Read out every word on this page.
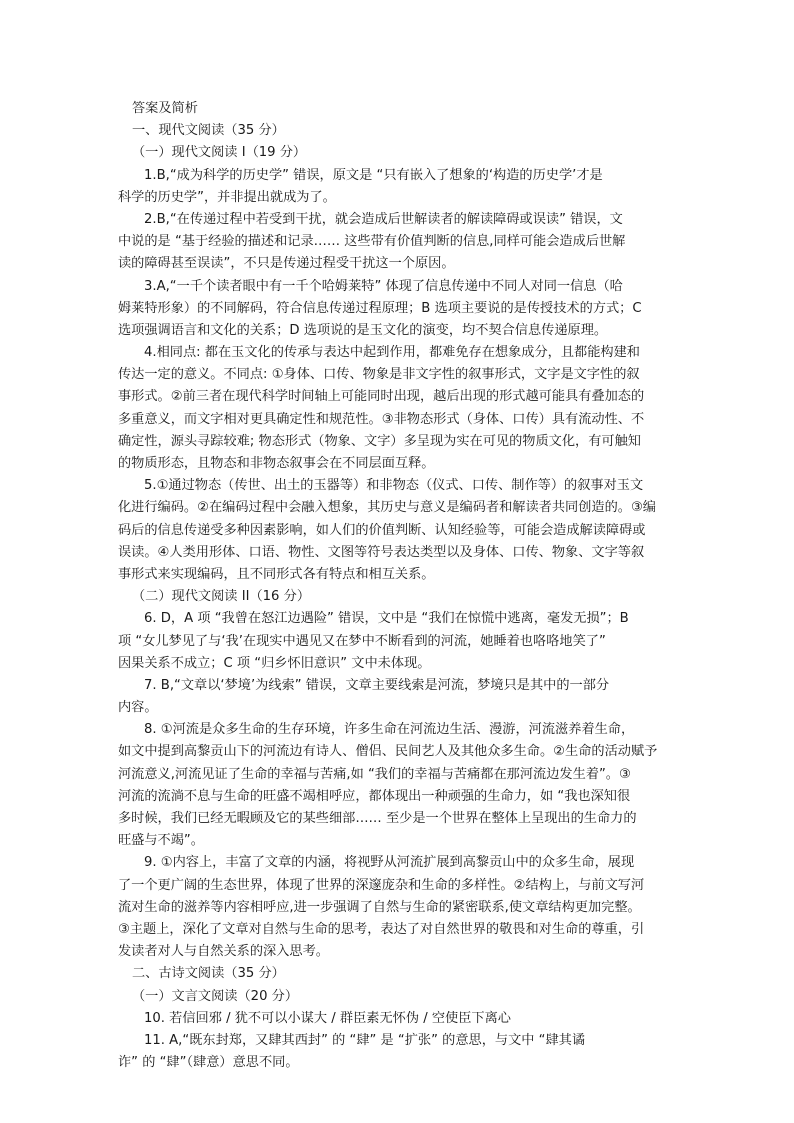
答案及简析
一、现代文阅读（35 分）
（一）现代文阅读 I（19 分）
1.B,“成为科学的历史学” 错误，原文是 “只有嵌入了想象的‘构造的历史学’才是
科学的历史学”，并非提出就成为了。
2.B,“在传递过程中若受到干扰，就会造成后世解读者的解读障碍或误读” 错误，文
中说的是 “基于经验的描述和记录…… 这些带有价值判断的信息,同样可能会造成后世解
读的障碍甚至误读”，不只是传递过程受干扰这一个原因。
3.A,“一千个读者眼中有一千个哈姆莱特” 体现了信息传递中不同人对同一信息（哈
姆莱特形象）的不同解码，符合信息传递过程原理；B 选项主要说的是传授技术的方式；C
选项强调语言和文化的关系；D 选项说的是玉文化的演变，均不契合信息传递原理。
4.相同点: 都在玉文化的传承与表达中起到作用，都难免存在想象成分，且都能构建和
传达一定的意义。不同点: ①身体、口传、物象是非文字性的叙事形式，文字是文字性的叙
事形式。②前三者在现代科学时间轴上可能同时出现，越后出现的形式越可能具有叠加态的
多重意义，而文字相对更具确定性和规范性。③非物态形式（身体、口传）具有流动性、不
确定性，源头寻踪较难; 物态形式（物象、文字）多呈现为实在可见的物质文化，有可触知
的物质形态，且物态和非物态叙事会在不同层面互释。
5.①通过物态（传世、出土的玉器等）和非物态（仪式、口传、制作等）的叙事对玉文
化进行编码。②在编码过程中会融入想象，其历史与意义是编码者和解读者共同创造的。③编
码后的信息传递受多种因素影响，如人们的价值判断、认知经验等，可能会造成解读障碍或
误读。④人类用形体、口语、物性、文图等符号表达类型以及身体、口传、物象、文字等叙
事形式来实现编码，且不同形式各有特点和相互关系。
（二）现代文阅读 II（16 分）
6. D，A 项 “我曾在怒江边遇险” 错误，文中是 “我们在惊慌中逃离，毫发无损”；B
项 “女儿梦见了与‘我’在现实中遇见又在梦中不断看到的河流，她睡着也咯咯地笑了”
因果关系不成立；C 项 “归乡怀旧意识” 文中未体现。
7. B,“文章以‘梦境’为线索” 错误，文章主要线索是河流，梦境只是其中的一部分
内容。
8. ①河流是众多生命的生存环境，许多生命在河流边生活、漫游，河流滋养着生命，
如文中提到高黎贡山下的河流边有诗人、僧侣、民间艺人及其他众多生命。②生命的活动赋予
河流意义,河流见证了生命的幸福与苦痛,如 “我们的幸福与苦痛都在那河流边发生着”。③
河流的流淌不息与生命的旺盛不竭相呼应，都体现出一种顽强的生命力，如 “我也深知很
多时候，我们已经无暇顾及它的某些细部…… 至少是一个世界在整体上呈现出的生命力的
旺盛与不竭”。
9. ①内容上，丰富了文章的内涵，将视野从河流扩展到高黎贡山中的众多生命，展现
了一个更广阔的生态世界，体现了世界的深邃庞杂和生命的多样性。②结构上，与前文写河
流对生命的滋养等内容相呼应,进一步强调了自然与生命的紧密联系,使文章结构更加完整。
③主题上，深化了文章对自然与生命的思考，表达了对自然世界的敬畏和对生命的尊重，引
发读者对人与自然关系的深入思考。
二、古诗文阅读（35 分）
（一）文言文阅读（20 分）
10. 若信回邪 / 犹不可以小谋大 / 群臣素无怀伪 / 空使臣下离心
11. A,“既东封郑，又肆其西封” 的 “肆” 是 “扩张” 的意思，与文中 “肆其谲
诈” 的 “肆”（肆意）意思不同。
